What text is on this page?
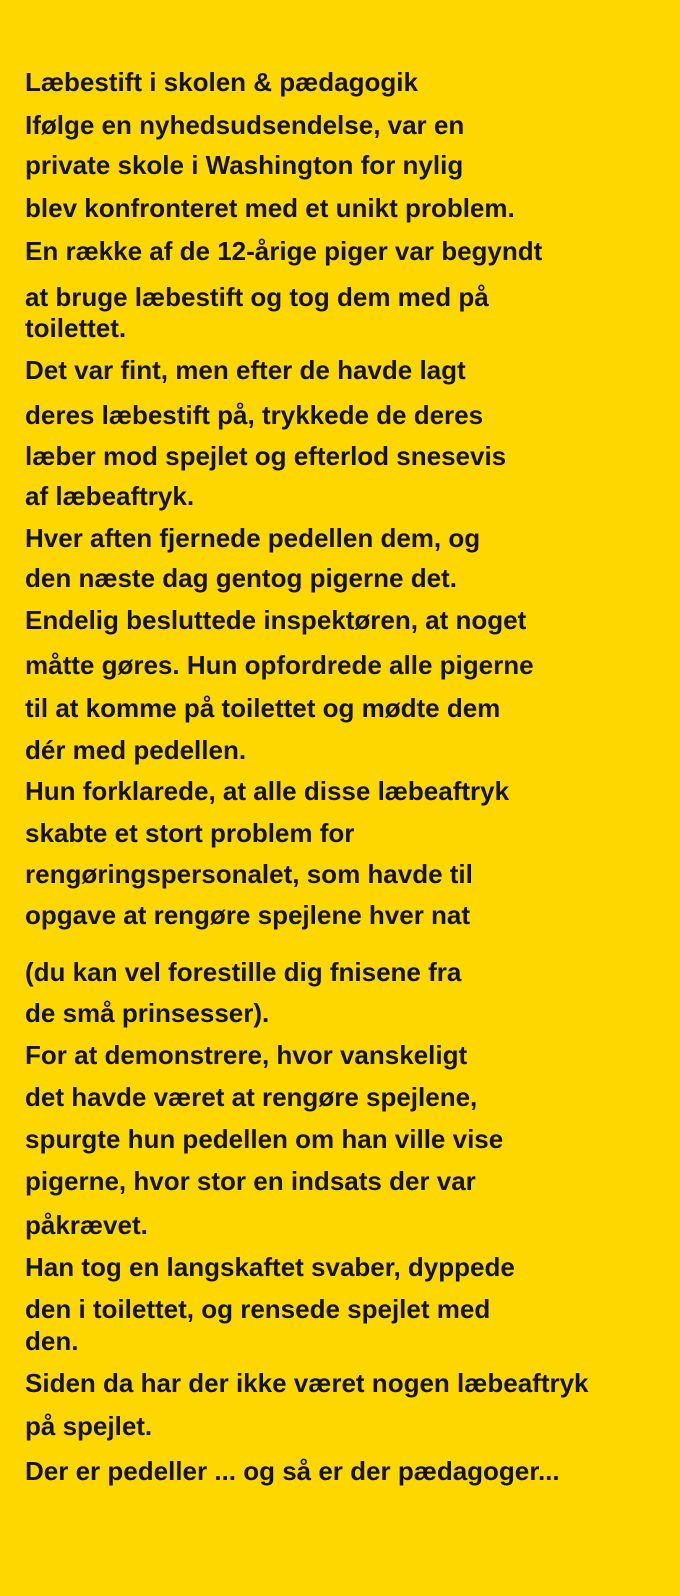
Læbestift i skolen & pædagogik
Ifølge en nyhedsudsendelse, var en
private skole i Washington for nylig
blev konfronteret med et unikt problem.
En række af de 12-årige piger var begyndt
at bruge læbestift og tog dem med på
toilettet.
Det var fint, men efter de havde lagt
deres læbestift på, trykkede de deres
læber mod spejlet og efterlod snesevis
af læbeaftryk.
Hver aften fjernede pedellen dem, og
den næste dag gentog pigerne det.
Endelig besluttede inspektøren, at noget
måtte gøres. Hun opfordrede alle pigerne
til at komme på toilettet og mødte dem
dér med pedellen.
Hun forklarede, at alle disse læbeaftryk
skabte et stort problem for
rengøringspersonalet, som havde til
opgave at rengøre spejlene hver nat
(du kan vel forestille dig fnisene fra
de små prinsesser).
For at demonstrere, hvor vanskeligt
det havde været at rengøre spejlene,
spurgte hun pedellen om han ville vise
pigerne, hvor stor en indsats der var
påkrævet.
Han tog en langskaftet svaber, dyppede
den i toilettet, og rensede spejlet med
den.
Siden da har der ikke været nogen læbeaftryk
på spejlet.
Der er pedeller ... og så er der pædagoger...
